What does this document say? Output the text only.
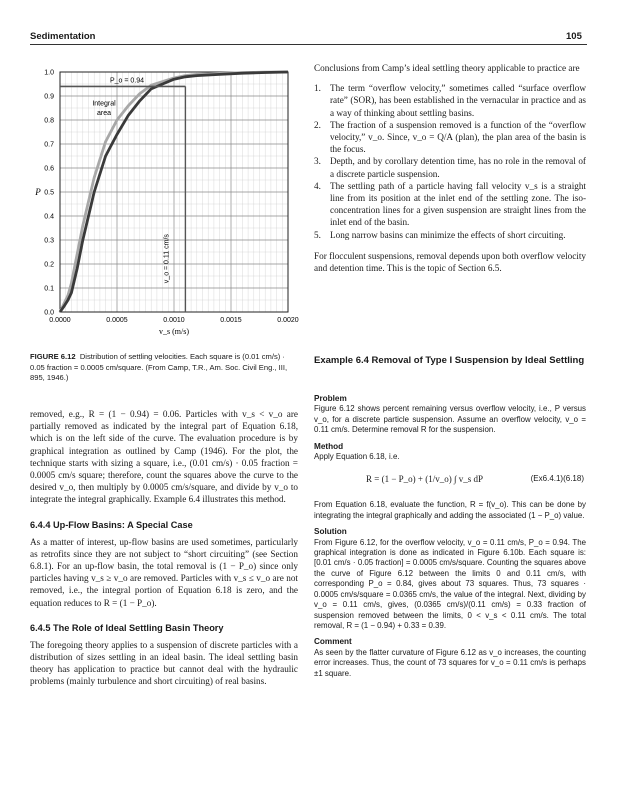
Sedimentation	105
0.0
0.1
0.2
0.3
0.4
0.5
0.6
0.7
0.8
0.9
1.0
0.0000	0.0005	0.0010	0.0015	0.0020
P
v_s (m/s)
P_o = 0.94
Integral
area
v_o = 0.11 cm/s
FIGURE 6.12 Distribution of settling velocities. Each square is (0.01 cm/s) · 0.05 fraction = 0.0005 cm/square. (From Camp, T.R., Am. Soc. Civil Eng., III, 895, 1946.)

removed, e.g., R = (1 − 0.94) = 0.06. Particles with v_s < v_o are partially removed as indicated by the integral part of Equation 6.18, which is on the left side of the curve. The evaluation procedure is by graphical integration as outlined by Camp (1946). For the plot, the technique starts with sizing a square, i.e., (0.01 cm/s) · 0.05 fraction = 0.0005 cm/s square; therefore, count the squares above the curve to the desired v_o, then multiply by 0.0005 cm/s/square, and divide by v_o to integrate the integral graphically. Example 6.4 illustrates this method.

6.4.4 Up-Flow Basins: A Special Case

As a matter of interest, up-flow basins are used sometimes, particularly as retrofits since they are not subject to “short circuiting” (see Section 6.8.1). For an up-flow basin, the total removal is (1 − P_o) since only particles having v_s ≥ v_o are removed. Particles with v_s ≤ v_o are not removed, i.e., the integral portion of Equation 6.18 is zero, and the equation reduces to R = (1 − P_o).

6.4.5 The Role of Ideal Settling Basin Theory

The foregoing theory applies to a suspension of discrete particles with a distribution of sizes settling in an ideal basin. The ideal settling basin theory has application to practice but cannot deal with the hydraulic problems (mainly turbulence and short circuiting) of real basins.

Conclusions from Camp’s ideal settling theory applicable to practice are

1. The term “overflow velocity,” sometimes called “surface overflow rate” (SOR), has been established in the vernacular in practice and as a way of thinking about settling basins.
2. The fraction of a suspension removed is a function of the “overflow velocity,” v_o. Since, v_o = Q/A (plan), the plan area of the basin is the focus.
3. Depth, and by corollary detention time, has no role in the removal of a discrete particle suspension.
4. The settling path of a particle having fall velocity v_s is a straight line from its position at the inlet end of the settling zone. The iso-concentration lines for a given suspension are straight lines from the inlet end of the basin.
5. Long narrow basins can minimize the effects of short circuiting.

For flocculent suspensions, removal depends upon both overflow velocity and detention time. This is the topic of Section 6.5.

Example 6.4 Removal of Type I Suspension by Ideal Settling
Problem

Figure 6.12 shows percent remaining versus overflow velocity, i.e., P versus v_o, for a discrete particle suspension. Assume an overflow velocity, v_o = 0.11 cm/s. Determine removal R for the suspension.

Method

Apply Equation 6.18, i.e.

R = (1 − P_o) + (1/v_o) ∫ v_s dP	(Ex6.4.1)(6.18)

From Equation 6.18, evaluate the function, R = f(v_o). This can be done by integrating the integral graphically and adding the associated (1 − P_o) value.

Solution

From Figure 6.12, for the overflow velocity, v_o = 0.11 cm/s, P_o = 0.94. The graphical integration is done as indicated in Figure 6.10b. Each square is: [0.01 cm/s · 0.05 fraction] = 0.0005 cm/s/square. Counting the squares above the curve of Figure 6.12 between the limits 0 and 0.11 cm/s, with corresponding P_o = 0.84, gives about 73 squares. Thus, 73 squares · 0.0005 cm/s/square = 0.0365 cm/s, the value of the integral. Next, dividing by v_o = 0.11 cm/s, gives, (0.0365 cm/s)/(0.11 cm/s) = 0.33 fraction of suspension removed between the limits, 0 < v_s < 0.11 cm/s. The total removal, R = (1 − 0.94) + 0.33 = 0.39.

Comment

As seen by the flatter curvature of Figure 6.12 as v_o increases, the counting error increases. Thus, the count of 73 squares for v_o = 0.11 cm/s is perhaps ±1 square.
